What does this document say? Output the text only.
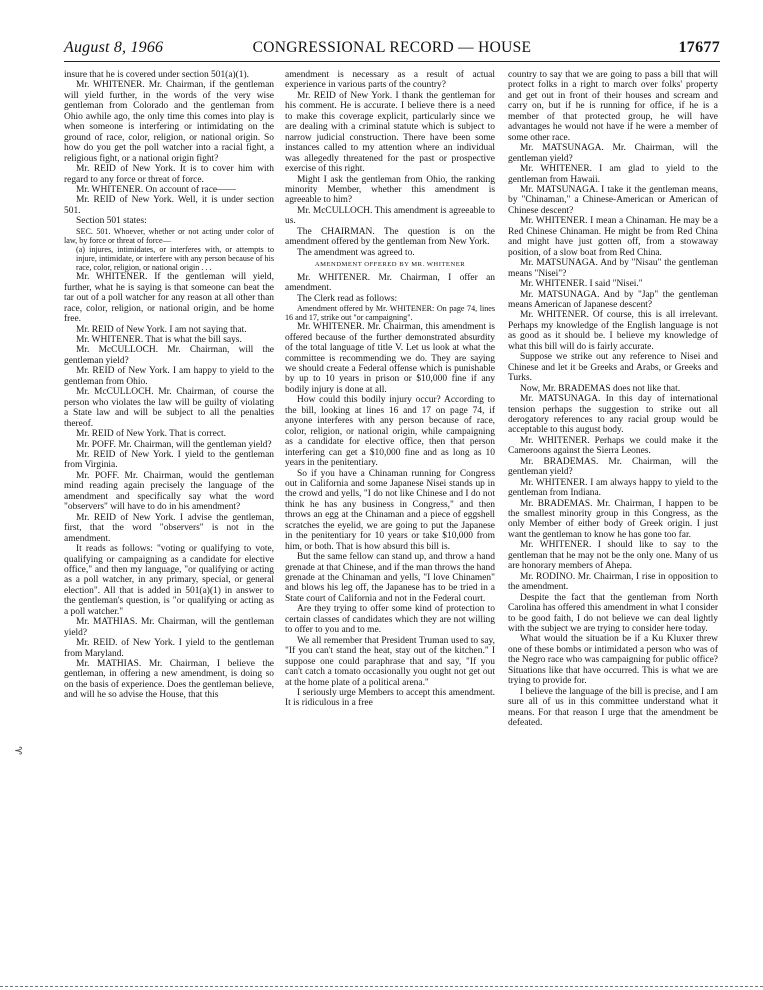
August 8, 1966	CONGRESSIONAL RECORD — HOUSE	17677

insure that he is covered under section 501(a)(1).

Mr. WHITENER. Mr. Chairman, if the gentleman will yield further, in the words of the very wise gentleman from Colorado and the gentleman from Ohio awhile ago, the only time this comes into play is when someone is interfering or intimidating on the ground of race, color, religion, or national origin. So how do you get the poll watcher into a racial fight, a religious fight, or a national origin fight?

Mr. REID of New York. It is to cover him with regard to any force or threat of force.

Mr. WHITENER. On account of race——

Mr. REID of New York. Well, it is under section 501.

Section 501 states:

SEC. 501. Whoever, whether or not acting under color of law, by force or threat of force—

(a) injures, intimidates, or interferes with, or attempts to injure, intimidate, or interfere with any person because of his race, color, religion, or national origin . . .

Mr. WHITENER. If the gentleman will yield, further, what he is saying is that someone can beat the tar out of a poll watcher for any reason at all other than race, color, religion, or national origin, and be home free.

Mr. REID of New York. I am not saying that.

Mr. WHITENER. That is what the bill says.

Mr. McCULLOCH. Mr. Chairman, will the gentleman yield?

Mr. REID of New York. I am happy to yield to the gentleman from Ohio.

Mr. McCULLOCH. Mr. Chairman, of course the person who violates the law will be guilty of violating a State law and will be subject to all the penalties thereof.

Mr. REID of New York. That is correct.

Mr. POFF. Mr. Chairman, will the gentleman yield?

Mr. REID of New York. I yield to the gentleman from Virginia.

Mr. POFF. Mr. Chairman, would the gentleman mind reading again precisely the language of the amendment and specifically say what the word "observers" will have to do in his amendment?

Mr. REID of New York. I advise the gentleman, first, that the word "observers" is not in the amendment.

It reads as follows: "voting or qualifying to vote, qualifying or campaigning as a candidate for elective office," and then my language, "or qualifying or acting as a poll watcher, in any primary, special, or general election". All that is added in 501(a)(1) in answer to the gentleman's question, is "or qualifying or acting as a poll watcher."

Mr. MATHIAS. Mr. Chairman, will the gentleman yield?

Mr. REID. of New York. I yield to the gentleman from Maryland.

Mr. MATHIAS. Mr. Chairman, I believe the gentleman, in offering a new amendment, is doing so on the basis of experience. Does the gentleman believe, and will he so advise the House, that this

amendment is necessary as a result of actual experience in various parts of the country?

Mr. REID of New York. I thank the gentleman for his comment. He is accurate. I believe there is a need to make this coverage explicit, particularly since we are dealing with a criminal statute which is subject to narrow judicial construction. There have been some instances called to my attention where an individual was allegedly threatened for the past or prospective exercise of this right.

Might I ask the gentleman from Ohio, the ranking minority Member, whether this amendment is agreeable to him?

Mr. McCULLOCH. This amendment is agreeable to us.

The CHAIRMAN. The question is on the amendment offered by the gentleman from New York.

The amendment was agreed to.

AMENDMENT OFFERED BY MR. WHITENER

Mr. WHITENER. Mr. Chairman, I offer an amendment.

The Clerk read as follows:

Amendment offered by Mr. WHITENER: On page 74, lines 16 and 17, strike out "or campaigning".

Mr. WHITENER. Mr. Chairman, this amendment is offered because of the further demonstrated absurdity of the total language of title V. Let us look at what the committee is recommending we do. They are saying we should create a Federal offense which is punishable by up to 10 years in prison or $10,000 fine if any bodily injury is done at all.

How could this bodily injury occur? According to the bill, looking at lines 16 and 17 on page 74, if anyone interferes with any person because of race, color, religion, or national origin, while campaigning as a candidate for elective office, then that person interfering can get a $10,000 fine and as long as 10 years in the penitentiary.

So if you have a Chinaman running for Congress out in California and some Japanese Nisei stands up in the crowd and yells, "I do not like Chinese and I do not think he has any business in Congress," and then throws an egg at the Chinaman and a piece of eggshell scratches the eyelid, we are going to put the Japanese in the penitentiary for 10 years or take $10,000 from him, or both. That is how absurd this bill is.

But the same fellow can stand up, and throw a hand grenade at that Chinese, and if the man throws the hand grenade at the Chinaman and yells, "I love Chinamen" and blows his leg off, the Japanese has to be tried in a State court of California and not in the Federal court.

Are they trying to offer some kind of protection to certain classes of candidates which they are not willing to offer to you and to me.

We all remember that President Truman used to say, "If you can't stand the heat, stay out of the kitchen." I suppose one could paraphrase that and say, "If you can't catch a tomato occasionally you ought not get out at the home plate of a political arena."

I seriously urge Members to accept this amendment. It is ridiculous in a free

country to say that we are going to pass a bill that will protect folks in a right to march over folks' property and get out in front of their houses and scream and carry on, but if he is running for office, if he is a member of that protected group, he will have advantages he would not have if he were a member of some other race.

Mr. MATSUNAGA. Mr. Chairman, will the gentleman yield?

Mr. WHITENER. I am glad to yield to the gentleman from Hawaii.

Mr. MATSUNAGA. I take it the gentleman means, by "Chinaman," a Chinese-American or American of Chinese descent?

Mr. WHITENER. I mean a Chinaman. He may be a Red Chinese Chinaman. He might be from Red China and might have just gotten off, from a stowaway position, of a slow boat from Red China.

Mr. MATSUNAGA. And by "Nisau" the gentleman means "Nisei"?

Mr. WHITENER. I said "Nisei."

Mr. MATSUNAGA. And by "Jap" the gentleman means American of Japanese descent?

Mr. WHITENER. Of course, this is all irrelevant. Perhaps my knowledge of the English language is not as good as it should be. I believe my knowledge of what this bill will do is fairly accurate.

Suppose we strike out any reference to Nisei and Chinese and let it be Greeks and Arabs, or Greeks and Turks.

Now, Mr. BRADEMAS does not like that.

Mr. MATSUNAGA. In this day of international tension perhaps the suggestion to strike out all derogatory references to any racial group would be acceptable to this august body.

Mr. WHITENER. Perhaps we could make it the Cameroons against the Sierra Leones.

Mr. BRADEMAS. Mr. Chairman, will the gentleman yield?

Mr. WHITENER. I am always happy to yield to the gentleman from Indiana.

Mr. BRADEMAS. Mr. Chairman, I happen to be the smallest minority group in this Congress, as the only Member of either body of Greek origin. I just want the gentleman to know he has gone too far.

Mr. WHITENER. I should like to say to the gentleman that he may not be the only one. Many of us are honorary members of Ahepa.

Mr. RODINO. Mr. Chairman, I rise in opposition to the amendment.

Despite the fact that the gentleman from North Carolina has offered this amendment in what I consider to be good faith, I do not believe we can deal lightly with the subject we are trying to consider here today.

What would the situation be if a Ku Kluxer threw one of these bombs or intimidated a person who was of the Negro race who was campaigning for public office? Situations like that have occurred. This is what we are trying to provide for.

I believe the language of the bill is precise, and I am sure all of us in this committee understand what it means. For that reason I urge that the amendment be defeated.

⊰
